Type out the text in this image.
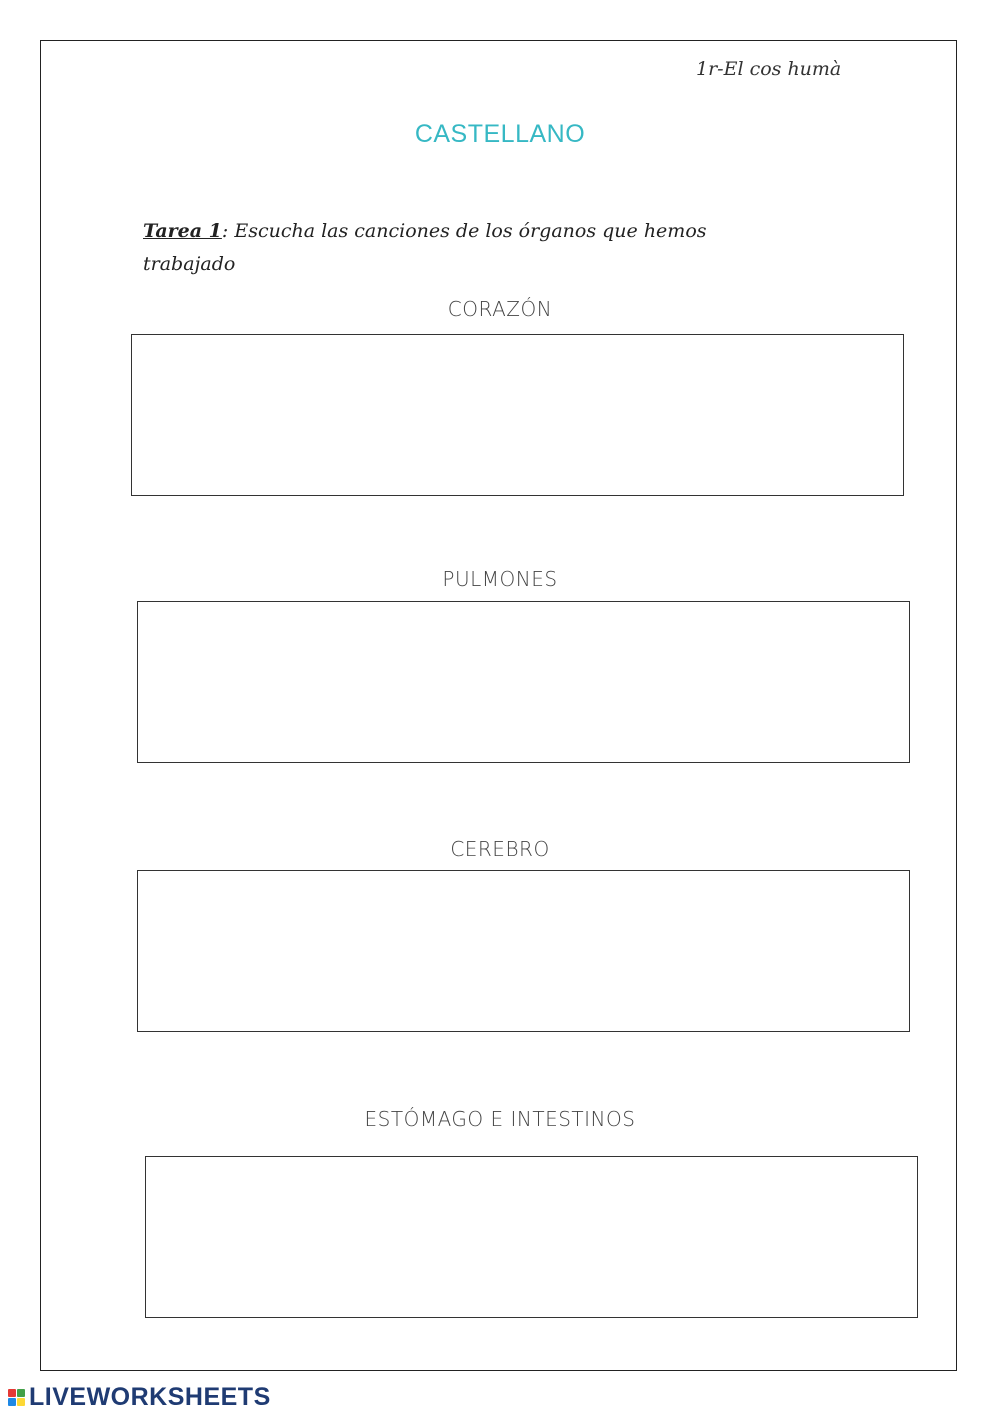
1r-El cos humà
CASTELLANO
Tarea 1: Escucha las canciones de los órganos que hemos trabajado
CORAZÓN
PULMONES
CEREBRO
ESTÓMAGO E INTESTINOS
LIVEWORKSHEETS
